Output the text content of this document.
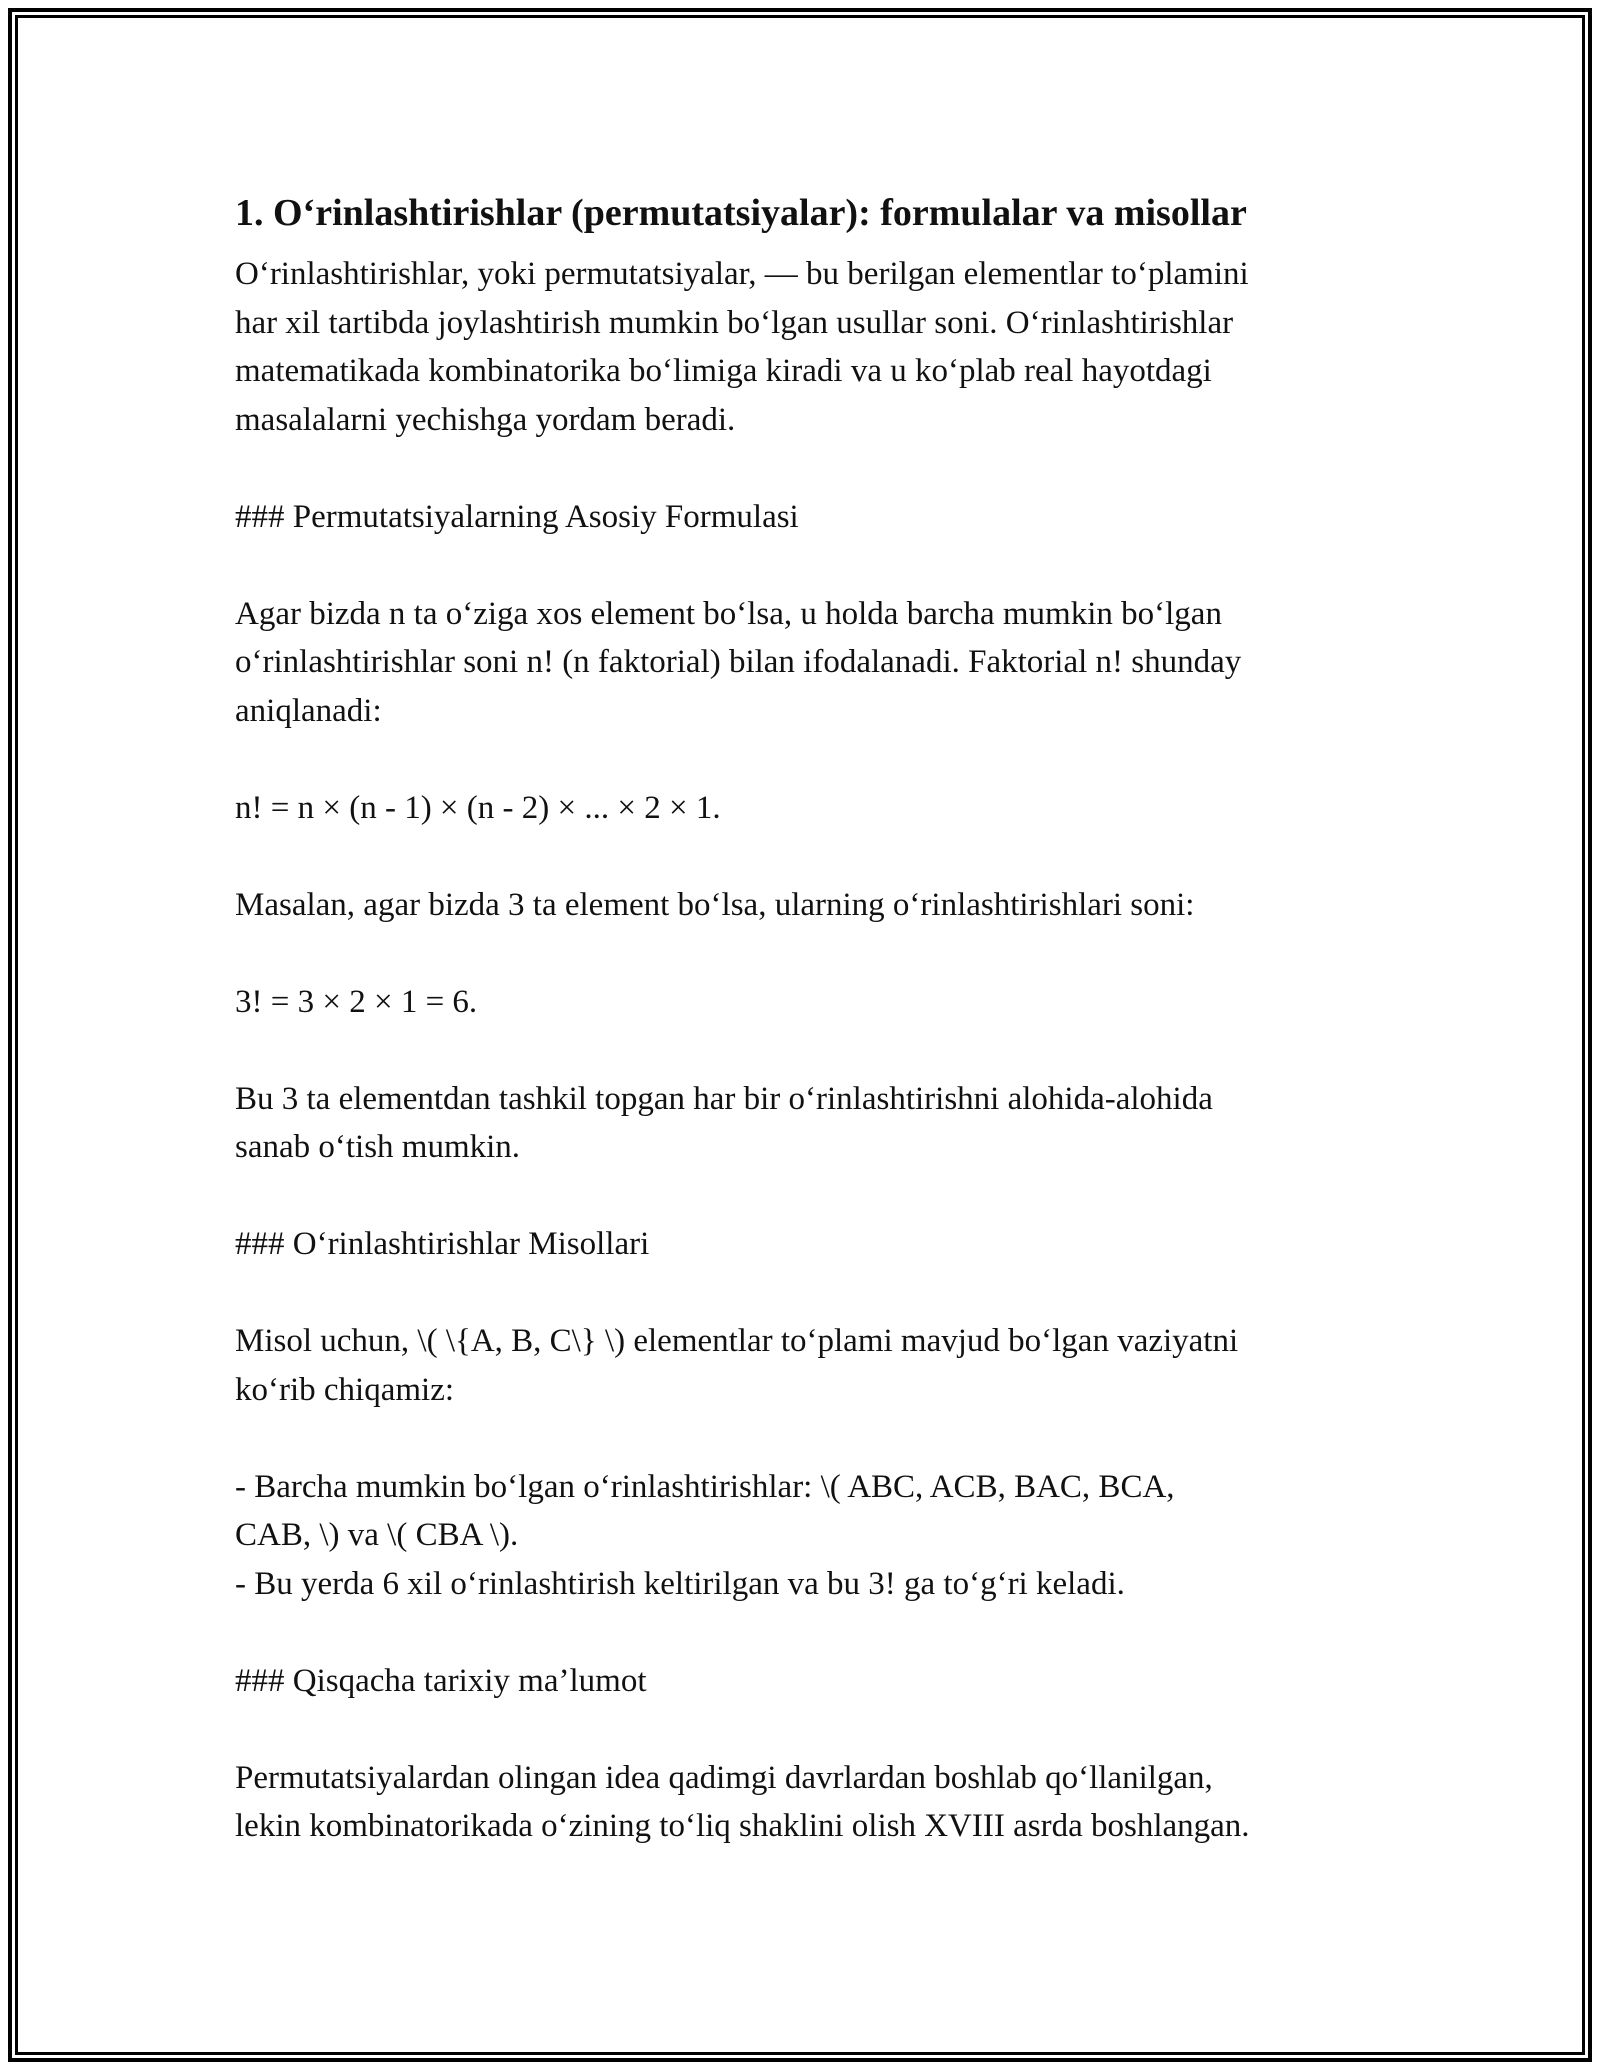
1. O‘rinlashtirishlar (permutatsiyalar): formulalar va misollar
O‘rinlashtirishlar, yoki permutatsiyalar, — bu berilgan elementlar to‘plamini
har xil tartibda joylashtirish mumkin bo‘lgan usullar soni. O‘rinlashtirishlar
matematikada kombinatorika bo‘limiga kiradi va u ko‘plab real hayotdagi
masalalarni yechishga yordam beradi.
### Permutatsiyalarning Asosiy Formulasi
Agar bizda n ta o‘ziga xos element bo‘lsa, u holda barcha mumkin bo‘lgan
o‘rinlashtirishlar soni n! (n faktorial) bilan ifodalanadi. Faktorial n! shunday
aniqlanadi:
n! = n × (n - 1) × (n - 2) × ... × 2 × 1.
Masalan, agar bizda 3 ta element bo‘lsa, ularning o‘rinlashtirishlari soni:
3! = 3 × 2 × 1 = 6.
Bu 3 ta elementdan tashkil topgan har bir o‘rinlashtirishni alohida-alohida
sanab o‘tish mumkin.
### O‘rinlashtirishlar Misollari
Misol uchun, \( \{A, B, C\} \) elementlar to‘plami mavjud bo‘lgan vaziyatni
ko‘rib chiqamiz:
- Barcha mumkin bo‘lgan o‘rinlashtirishlar: \( ABC, ACB, BAC, BCA,
CAB, \) va \( CBA \).
- Bu yerda 6 xil o‘rinlashtirish keltirilgan va bu 3! ga to‘g‘ri keladi.
### Qisqacha tarixiy ma’lumot
Permutatsiyalardan olingan idea qadimgi davrlardan boshlab qo‘llanilgan,
lekin kombinatorikada o‘zining to‘liq shaklini olish XVIII asrda boshlangan.
